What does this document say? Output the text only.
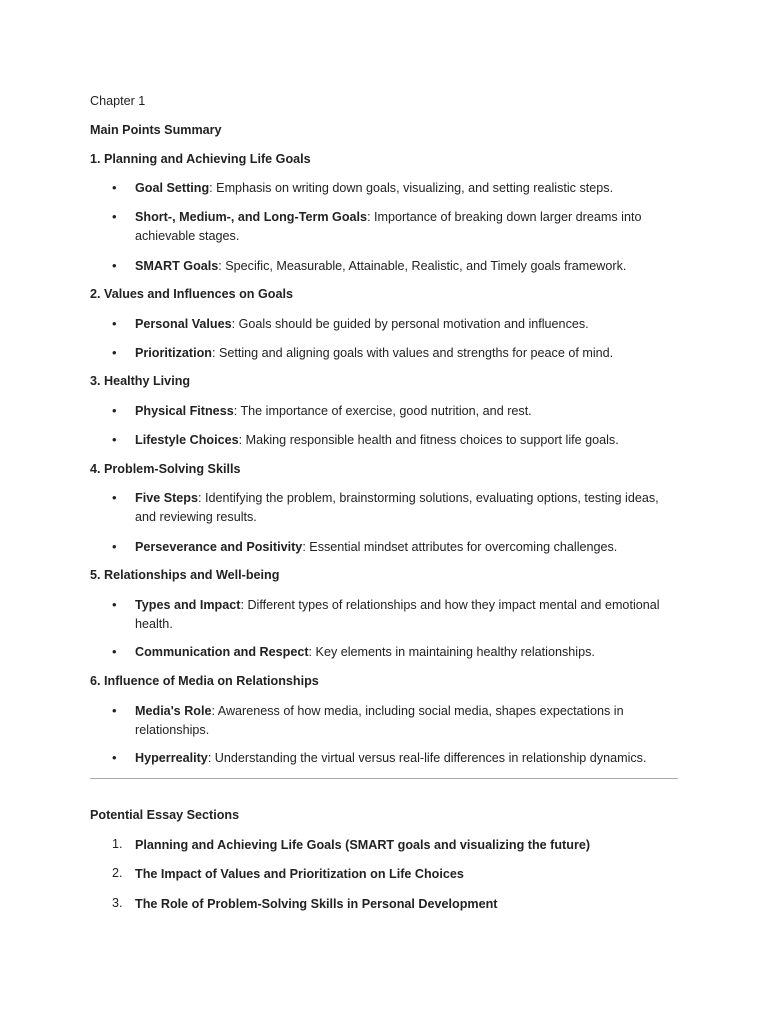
Chapter 1
Main Points Summary
1. Planning and Achieving Life Goals
• Goal Setting: Emphasis on writing down goals, visualizing, and setting realistic steps.
• Short-, Medium-, and Long-Term Goals: Importance of breaking down larger dreams into achievable stages.
• SMART Goals: Specific, Measurable, Attainable, Realistic, and Timely goals framework.
2. Values and Influences on Goals
• Personal Values: Goals should be guided by personal motivation and influences.
• Prioritization: Setting and aligning goals with values and strengths for peace of mind.
3. Healthy Living
• Physical Fitness: The importance of exercise, good nutrition, and rest.
• Lifestyle Choices: Making responsible health and fitness choices to support life goals.
4. Problem-Solving Skills
• Five Steps: Identifying the problem, brainstorming solutions, evaluating options, testing ideas, and reviewing results.
• Perseverance and Positivity: Essential mindset attributes for overcoming challenges.
5. Relationships and Well-being
• Types and Impact: Different types of relationships and how they impact mental and emotional health.
• Communication and Respect: Key elements in maintaining healthy relationships.
6. Influence of Media on Relationships
• Media's Role: Awareness of how media, including social media, shapes expectations in relationships.
• Hyperreality: Understanding the virtual versus real-life differences in relationship dynamics.
Potential Essay Sections
1. Planning and Achieving Life Goals (SMART goals and visualizing the future)
2. The Impact of Values and Prioritization on Life Choices
3. The Role of Problem-Solving Skills in Personal Development
